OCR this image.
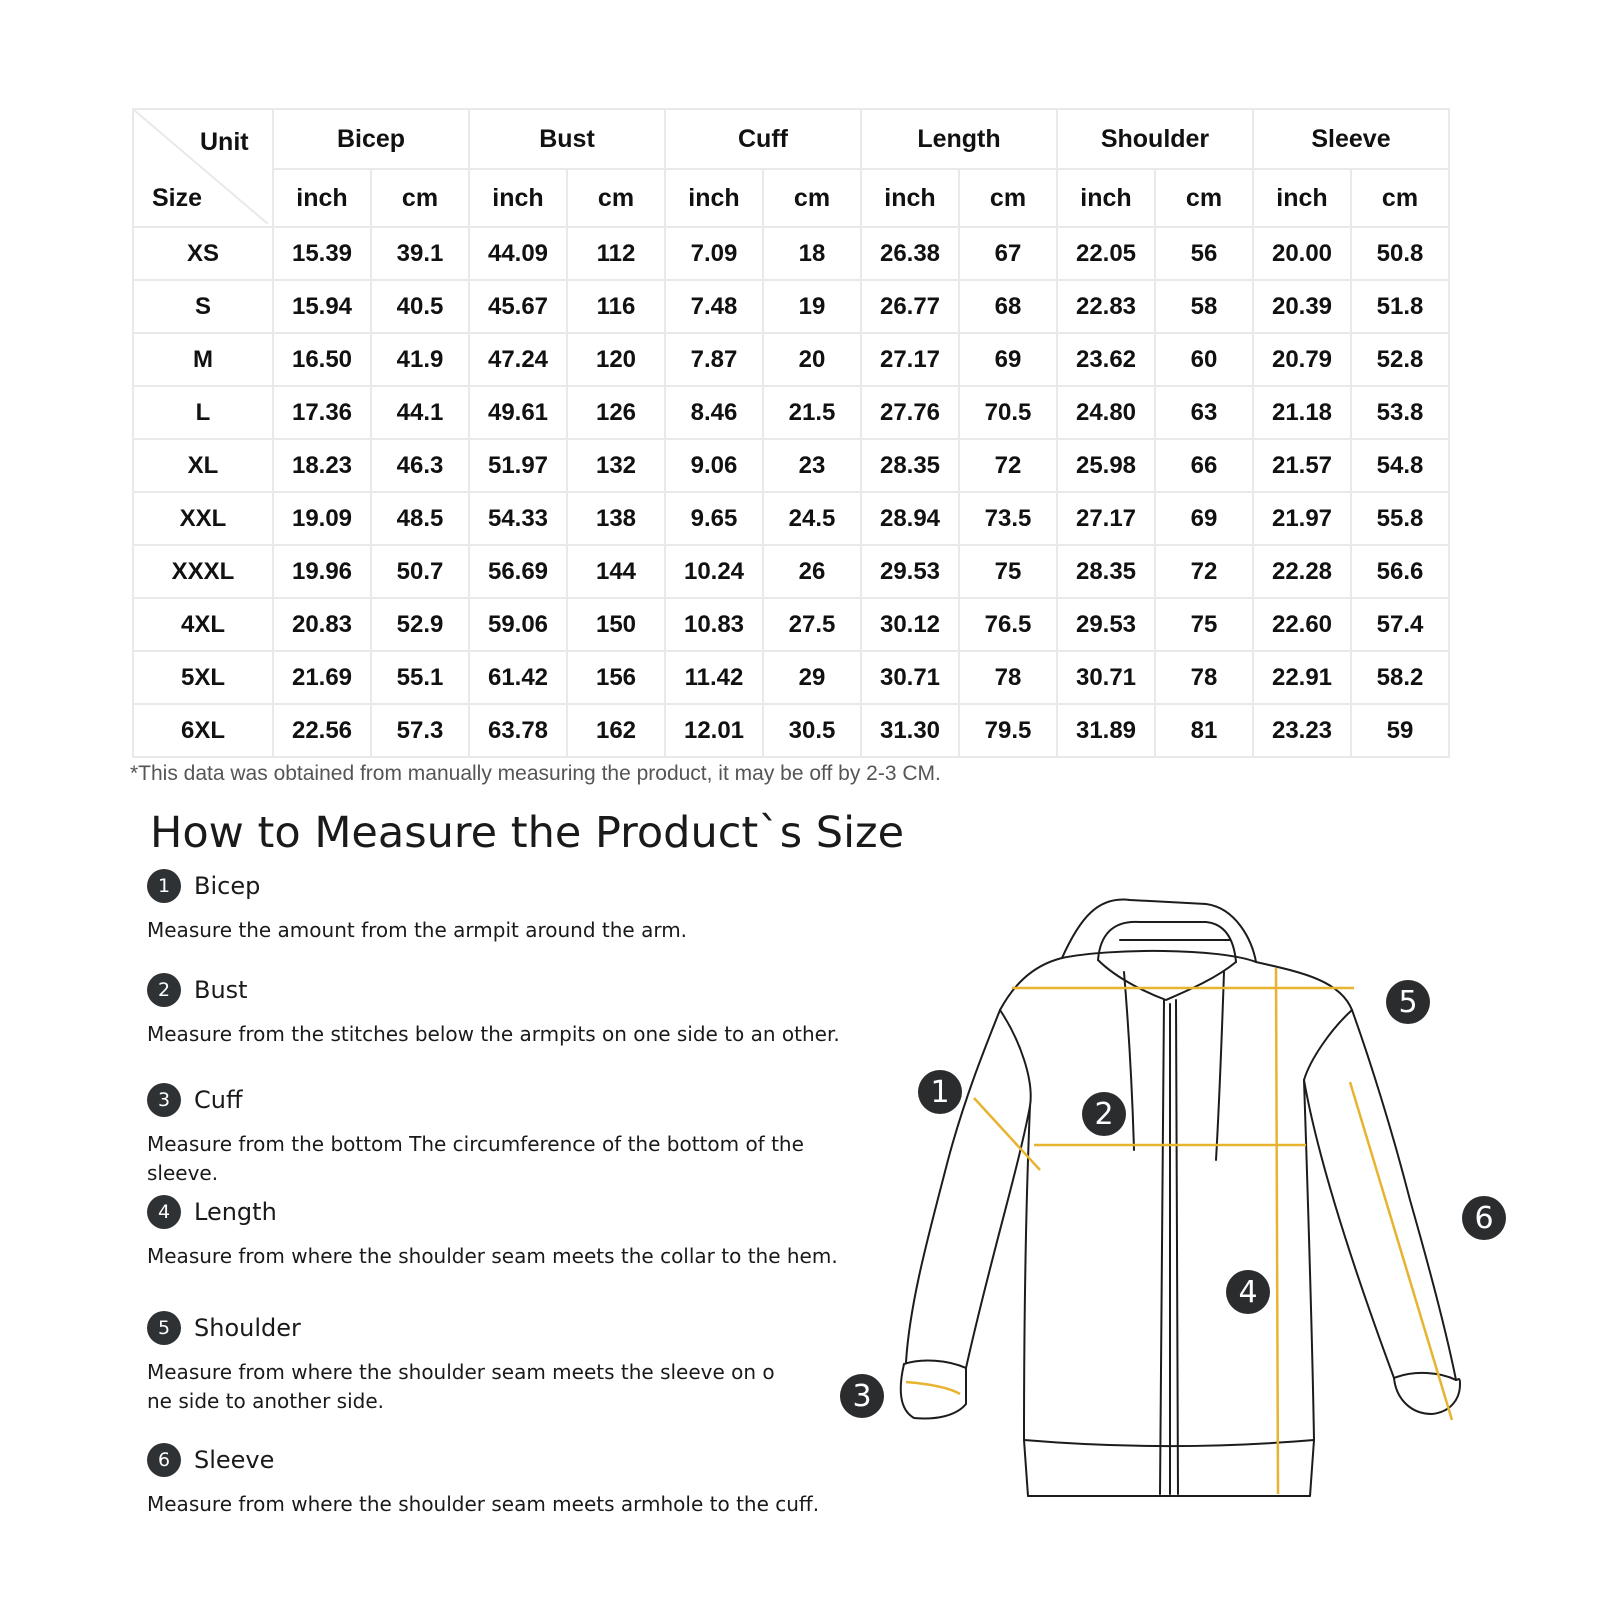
Unit
Size	Bicep		Bust		Cuff		Length		Shoulder		Sleeve	
	inch	cm	inch	cm	inch	cm	inch	cm	inch	cm	inch	cm
XS	15.39	39.1	44.09	112	7.09	18	26.38	67	22.05	56	20.00	50.8
S	15.94	40.5	45.67	116	7.48	19	26.77	68	22.83	58	20.39	51.8
M	16.50	41.9	47.24	120	7.87	20	27.17	69	23.62	60	20.79	52.8
L	17.36	44.1	49.61	126	8.46	21.5	27.76	70.5	24.80	63	21.18	53.8
XL	18.23	46.3	51.97	132	9.06	23	28.35	72	25.98	66	21.57	54.8
XXL	19.09	48.5	54.33	138	9.65	24.5	28.94	73.5	27.17	69	21.97	55.8
XXXL	19.96	50.7	56.69	144	10.24	26	29.53	75	28.35	72	22.28	56.6
4XL	20.83	52.9	59.06	150	10.83	27.5	30.12	76.5	29.53	75	22.60	57.4
5XL	21.69	55.1	61.42	156	11.42	29	30.71	78	30.71	78	22.91	58.2
6XL	22.56	57.3	63.78	162	12.01	30.5	31.30	79.5	31.89	81	23.23	59
*This data was obtained from manually measuring the product, it may be off by 2-3 CM.
How to Measure the Product`s Size
1 Bicep
Measure the amount from the armpit around the arm.
2 Bust
Measure from the stitches below the armpits on one side to an other.
3 Cuff
Measure from the bottom The circumference of the bottom of the sleeve.
4 Length
Measure from where the shoulder seam meets the collar to the hem.
5 Shoulder
Measure from where the shoulder seam meets the sleeve on o
ne side to another side.
6 Sleeve
Measure from where the shoulder seam meets armhole to the cuff.
1
2
3
4
5
6
